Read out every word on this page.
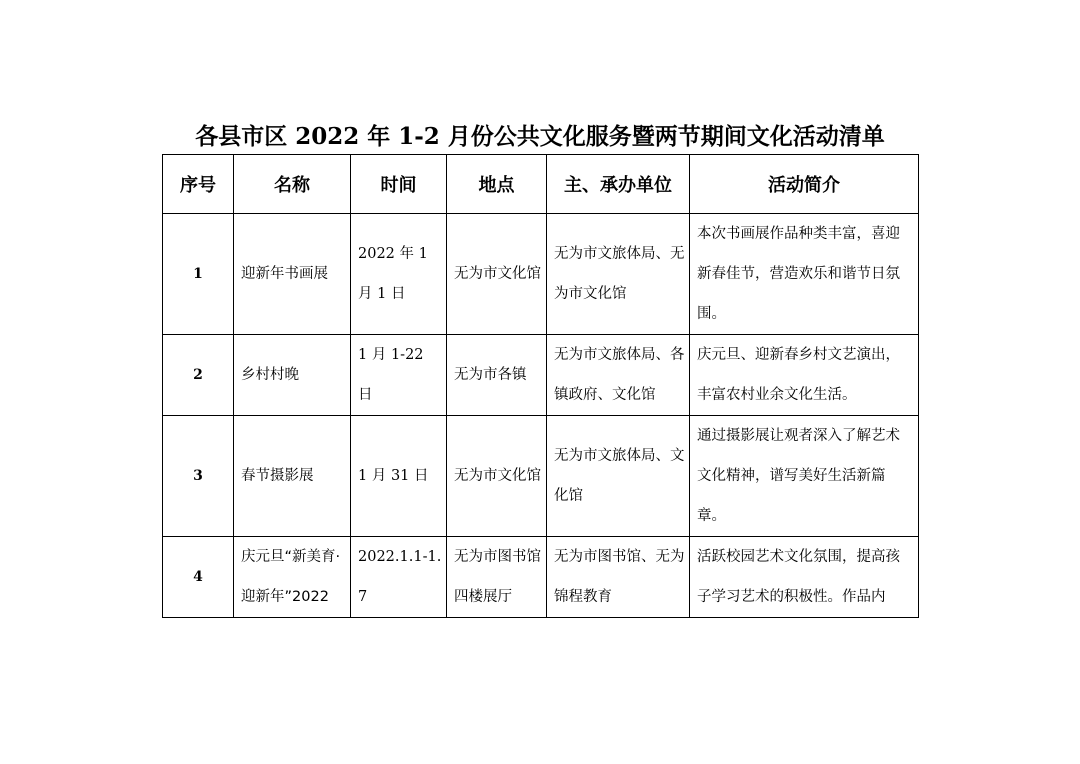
各县市区 2022 年 1-2 月份公共文化服务暨两节期间文化活动清单
序号	名称	时间	地点	主、承办单位	活动简介
1	迎新年书画展	2022 年 1 月 1 日	无为市文化馆	无为市文旅体局、无为市文化馆	本次书画展作品种类丰富，喜迎新春佳节，营造欢乐和谐节日氛围。
2	乡村村晚	1 月 1-22 日	无为市各镇	无为市文旅体局、各镇政府、文化馆	庆元旦、迎新春乡村文艺演出，丰富农村业余文化生活。
3	春节摄影展	1 月 31 日	无为市文化馆	无为市文旅体局、文化馆	通过摄影展让观者深入了解艺术文化精神，谱写美好生活新篇章。
4	庆元旦“新美育·迎新年”2022	2022.1.1-1.7	无为市图书馆四楼展厅	无为市图书馆、无为锦程教育	活跃校园艺术文化氛围，提高孩子学习艺术的积极性。作品内
